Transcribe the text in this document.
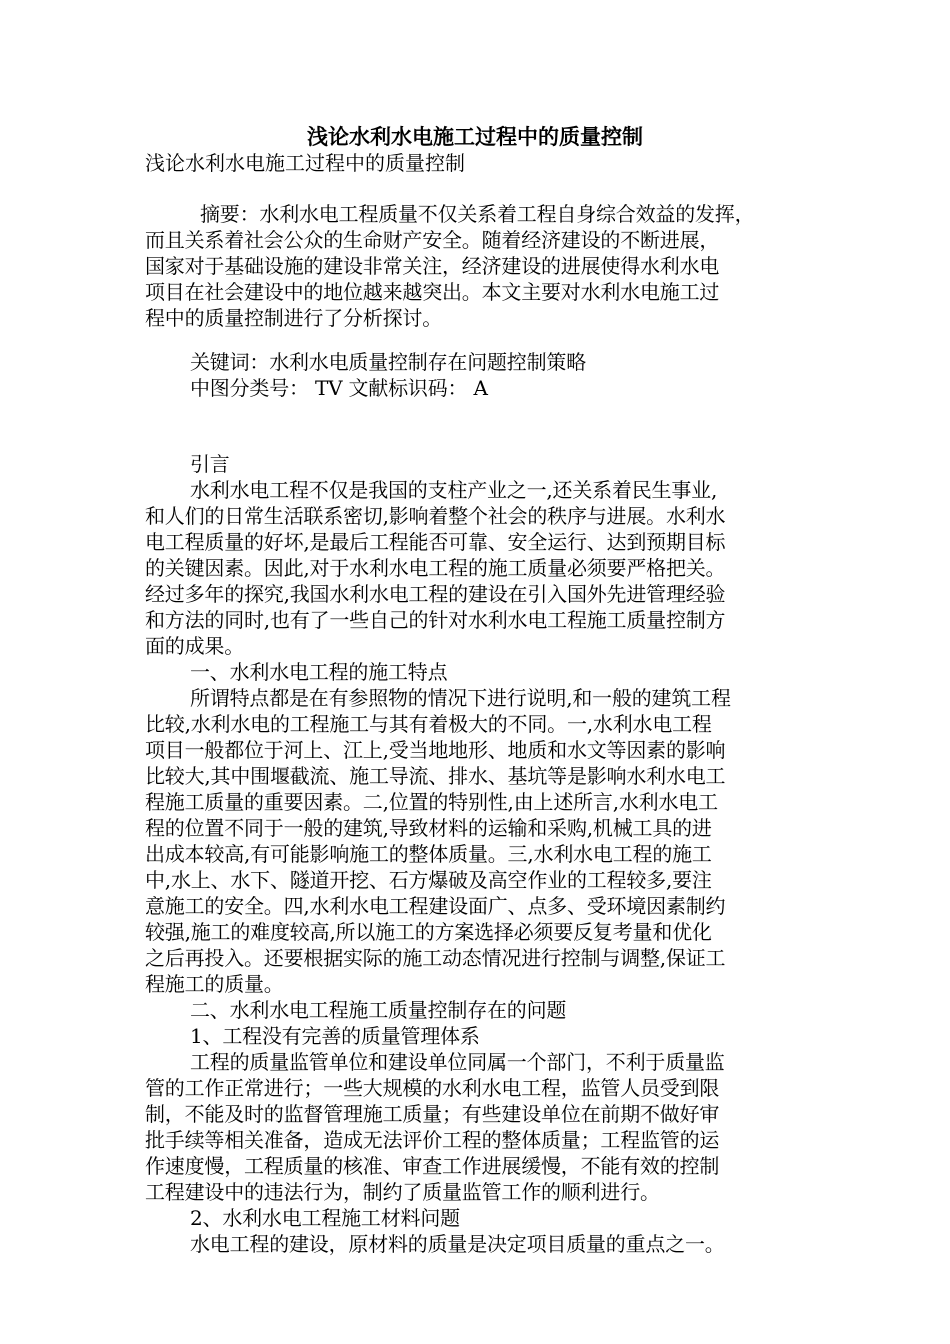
浅论水利水电施工过程中的质量控制
浅论水利水电施工过程中的质量控制
摘要：水利水电工程质量不仅关系着工程自身综合效益的发挥，
而且关系着社会公众的生命财产安全。随着经济建设的不断进展，
国家对于基础设施的建设非常关注，经济建设的进展使得水利水电
项目在社会建设中的地位越来越突出。本文主要对水利水电施工过
程中的质量控制进行了分析探讨。
关键词：水利水电质量控制存在问题控制策略
中图分类号： TV 文献标识码： A
引言
水利水电工程不仅是我国的支柱产业之一,还关系着民生事业,
和人们的日常生活联系密切,影响着整个社会的秩序与进展。水利水
电工程质量的好坏,是最后工程能否可靠、安全运行、达到预期目标
的关键因素。因此,对于水利水电工程的施工质量必须要严格把关。
经过多年的探究,我国水利水电工程的建设在引入国外先进管理经验
和方法的同时,也有了一些自己的针对水利水电工程施工质量控制方
面的成果。
一、水利水电工程的施工特点
所谓特点都是在有参照物的情况下进行说明,和一般的建筑工程
比较,水利水电的工程施工与其有着极大的不同。一,水利水电工程
项目一般都位于河上、江上,受当地地形、地质和水文等因素的影响
比较大,其中围堰截流、施工导流、排水、基坑等是影响水利水电工
程施工质量的重要因素。二,位置的特别性,由上述所言,水利水电工
程的位置不同于一般的建筑,导致材料的运输和采购,机械工具的进
出成本较高,有可能影响施工的整体质量。三,水利水电工程的施工
中,水上、水下、隧道开挖、石方爆破及高空作业的工程较多,要注
意施工的安全。四,水利水电工程建设面广、点多、受环境因素制约
较强,施工的难度较高,所以施工的方案选择必须要反复考量和优化
之后再投入。还要根据实际的施工动态情况进行控制与调整,保证工
程施工的质量。
二、水利水电工程施工质量控制存在的问题
1、工程没有完善的质量管理体系
工程的质量监管单位和建设单位同属一个部门，不利于质量监
管的工作正常进行；一些大规模的水利水电工程，监管人员受到限
制，不能及时的监督管理施工质量；有些建设单位在前期不做好审
批手续等相关准备，造成无法评价工程的整体质量；工程监管的运
作速度慢，工程质量的核准、审查工作进展缓慢，不能有效的控制
工程建设中的违法行为，制约了质量监管工作的顺利进行。
2、水利水电工程施工材料问题
水电工程的建设，原材料的质量是决定项目质量的重点之一。
